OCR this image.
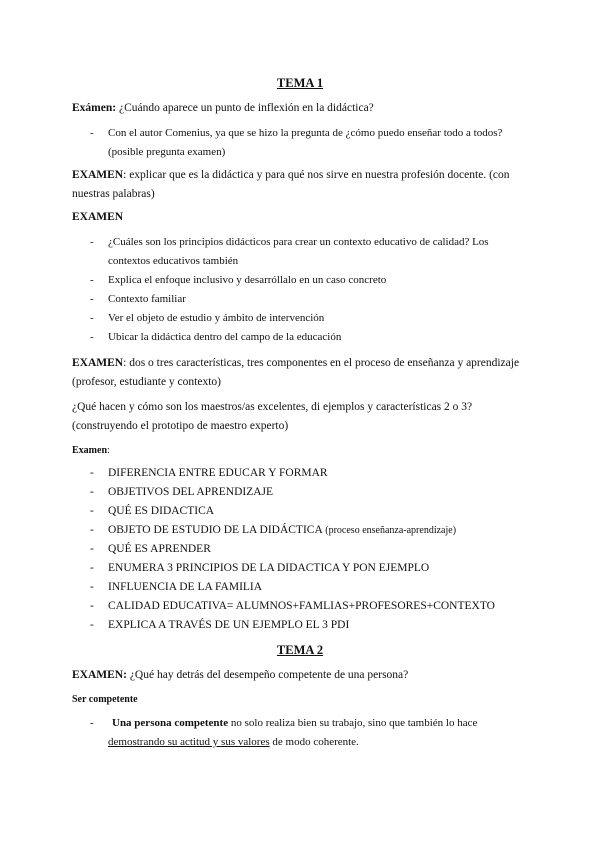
TEMA 1
Exámen: ¿Cuándo aparece un punto de inflexión en la didáctica?
- Con el autor Comenius, ya que se hizo la pregunta de ¿cómo puedo enseñar todo a todos? (posible pregunta examen)
EXAMEN: explicar que es la didáctica y para qué nos sirve en nuestra profesión docente. (con nuestras palabras)
EXAMEN
- ¿Cuáles son los principios didácticos para crear un contexto educativo de calidad? Los contextos educativos también
- Explica el enfoque inclusivo y desarróllalo en un caso concreto
- Contexto familiar
- Ver el objeto de estudio y ámbito de intervención
- Ubicar la didáctica dentro del campo de la educación
EXAMEN: dos o tres características, tres componentes en el proceso de enseñanza y aprendizaje (profesor, estudiante y contexto)
¿Qué hacen y cómo son los maestros/as excelentes, di ejemplos y características 2 o 3? (construyendo el prototipo de maestro experto)
Examen:
- DIFERENCIA ENTRE EDUCAR Y FORMAR
- OBJETIVOS DEL APRENDIZAJE
- QUÉ ES DIDACTICA
- OBJETO DE ESTUDIO DE LA DIDÁCTICA (proceso enseñanza-aprendizaje)
- QUÉ ES APRENDER
- ENUMERA 3 PRINCIPIOS DE LA DIDACTICA Y PON EJEMPLO
- INFLUENCIA DE LA FAMILIA
- CALIDAD EDUCATIVA= ALUMNOS+FAMLIAS+PROFESORES+CONTEXTO
- EXPLICA A TRAVÉS DE UN EJEMPLO EL 3 PDI
TEMA 2
EXAMEN: ¿Qué hay detrás del desempeño competente de una persona?
Ser competente
- Una persona competente no solo realiza bien su trabajo, sino que también lo hace demostrando su actitud y sus valores de modo coherente.
